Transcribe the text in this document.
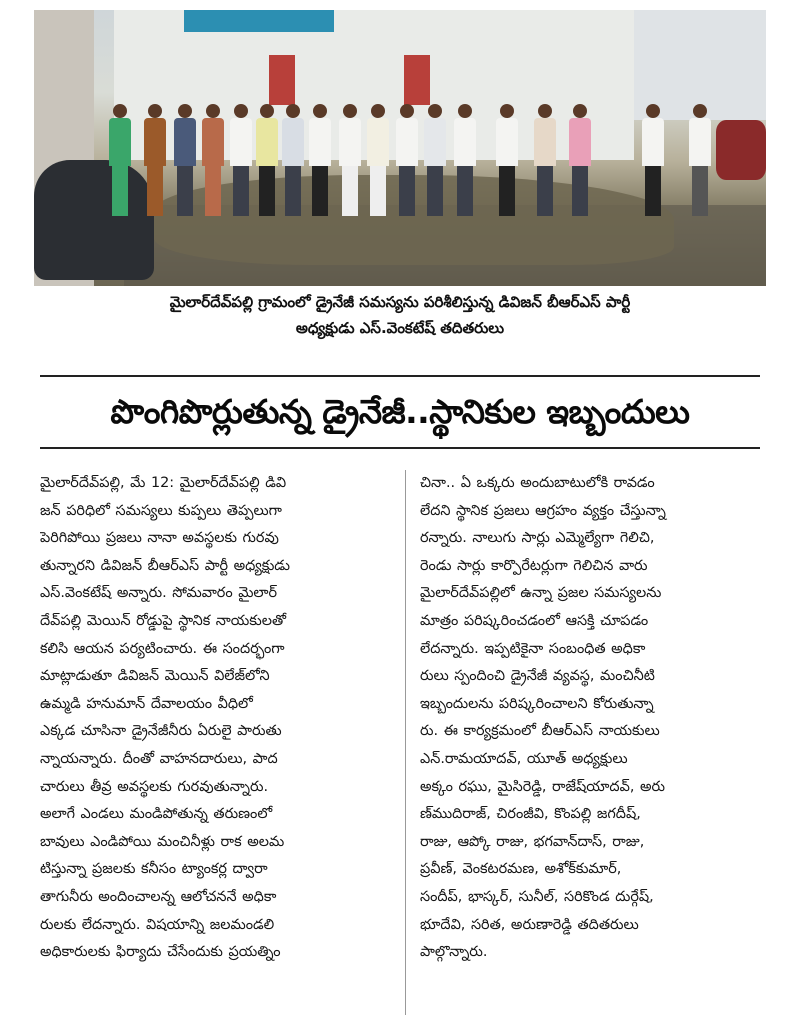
మైలార్‌దేవ్‌పల్లి గ్రామంలో డ్రైనేజీ సమస్యను పరిశీలిస్తున్న డివిజన్ బీఆర్ఎస్ పార్టీ
అధ్యక్షుడు ఎస్.వెంకటేష్ తదితరులు
పొంగిపొర్లుతున్న డ్రైనేజీ..స్థానికుల ఇబ్బందులు
మైలార్‌దేవ్‌పల్లి, మే 12: మైలార్‌దేవ్‌పల్లి డివి
జన్ పరిధిలో సమస్యలు కుప్పలు తెప్పలుగా
పెరిగిపోయి ప్రజలు నానా అవస్థలకు గురవు
తున్నారని డివిజన్ బీఆర్ఎస్ పార్టీ అధ్యక్షుడు
ఎస్.వెంకటేష్ అన్నారు. సోమవారం మైలార్
దేవ్‌పల్లి మెయిన్ రోడ్డుపై స్థానిక నాయకులతో
కలిసి ఆయన పర్యటించారు. ఈ సందర్భంగా
మాట్లాడుతూ డివిజన్ మెయిన్ విలేజ్‌లోని
ఉమ్మడి హనుమాన్ దేవాలయం వీధిలో
ఎక్కడ చూసినా డ్రైనేజీనీరు ఏరులై పారుతు
న్నాయన్నారు. దీంతో వాహనదారులు, పాద
చారులు తీవ్ర అవస్థలకు గురవుతున్నారు.
అలాగే ఎండలు మండిపోతున్న తరుణంలో
బావులు ఎండిపోయి మంచినీళ్లు రాక అలమ
టిస్తున్నా ప్రజలకు కనీసం ట్యాంకర్ల ద్వారా
తాగునీరు అందించాలన్న ఆలోచననే అధికా
రులకు లేదన్నారు. విషయాన్ని జలమండలి
అధికారులకు ఫిర్యాదు చేసేందుకు ప్రయత్నిం
చినా.. ఏ ఒక్కరు అందుబాటులోకి రావడం
లేదని స్థానిక ప్రజలు ఆగ్రహం వ్యక్తం చేస్తున్నా
రన్నారు. నాలుగు సార్లు ఎమ్మెల్యేగా గెలిచి,
రెండు సార్లు కార్పొరేటర్లుగా గెలిచిన వారు
మైలార్‌దేవ్‌పల్లిలో ఉన్నా ప్రజల సమస్యలను
మాత్రం పరిష్కరించడంలో ఆసక్తి చూపడం
లేదన్నారు. ఇప్పటికైనా సంబంధిత అధికా
రులు స్పందించి డ్రైనేజీ వ్యవస్థ, మంచినీటి
ఇబ్బందులను పరిష్కరించాలని కోరుతున్నా
రు. ఈ కార్యక్రమంలో బీఆర్ఎస్ నాయకులు
ఎన్.రామయాదవ్, యూత్ అధ్యక్షులు
అక్కం రఘు, మైసిరెడ్డి, రాజేష్‌యాదవ్, అరు
ణ్‌ముదిరాజ్, చిరంజీవి, కొంపల్లి జగదీష్,
రాజు, ఆప్కో రాజు, భగవాన్‌దాస్, రాజు,
ప్రవీణ్, వెంకటరమణ, అశోక్‌కుమార్,
సందీప్, భాస్కర్, సునీల్, సరికొండ దుర్గేష్,
భూదేవి, సరిత, అరుణారెడ్డి తదితరులు
పాల్గొన్నారు.
